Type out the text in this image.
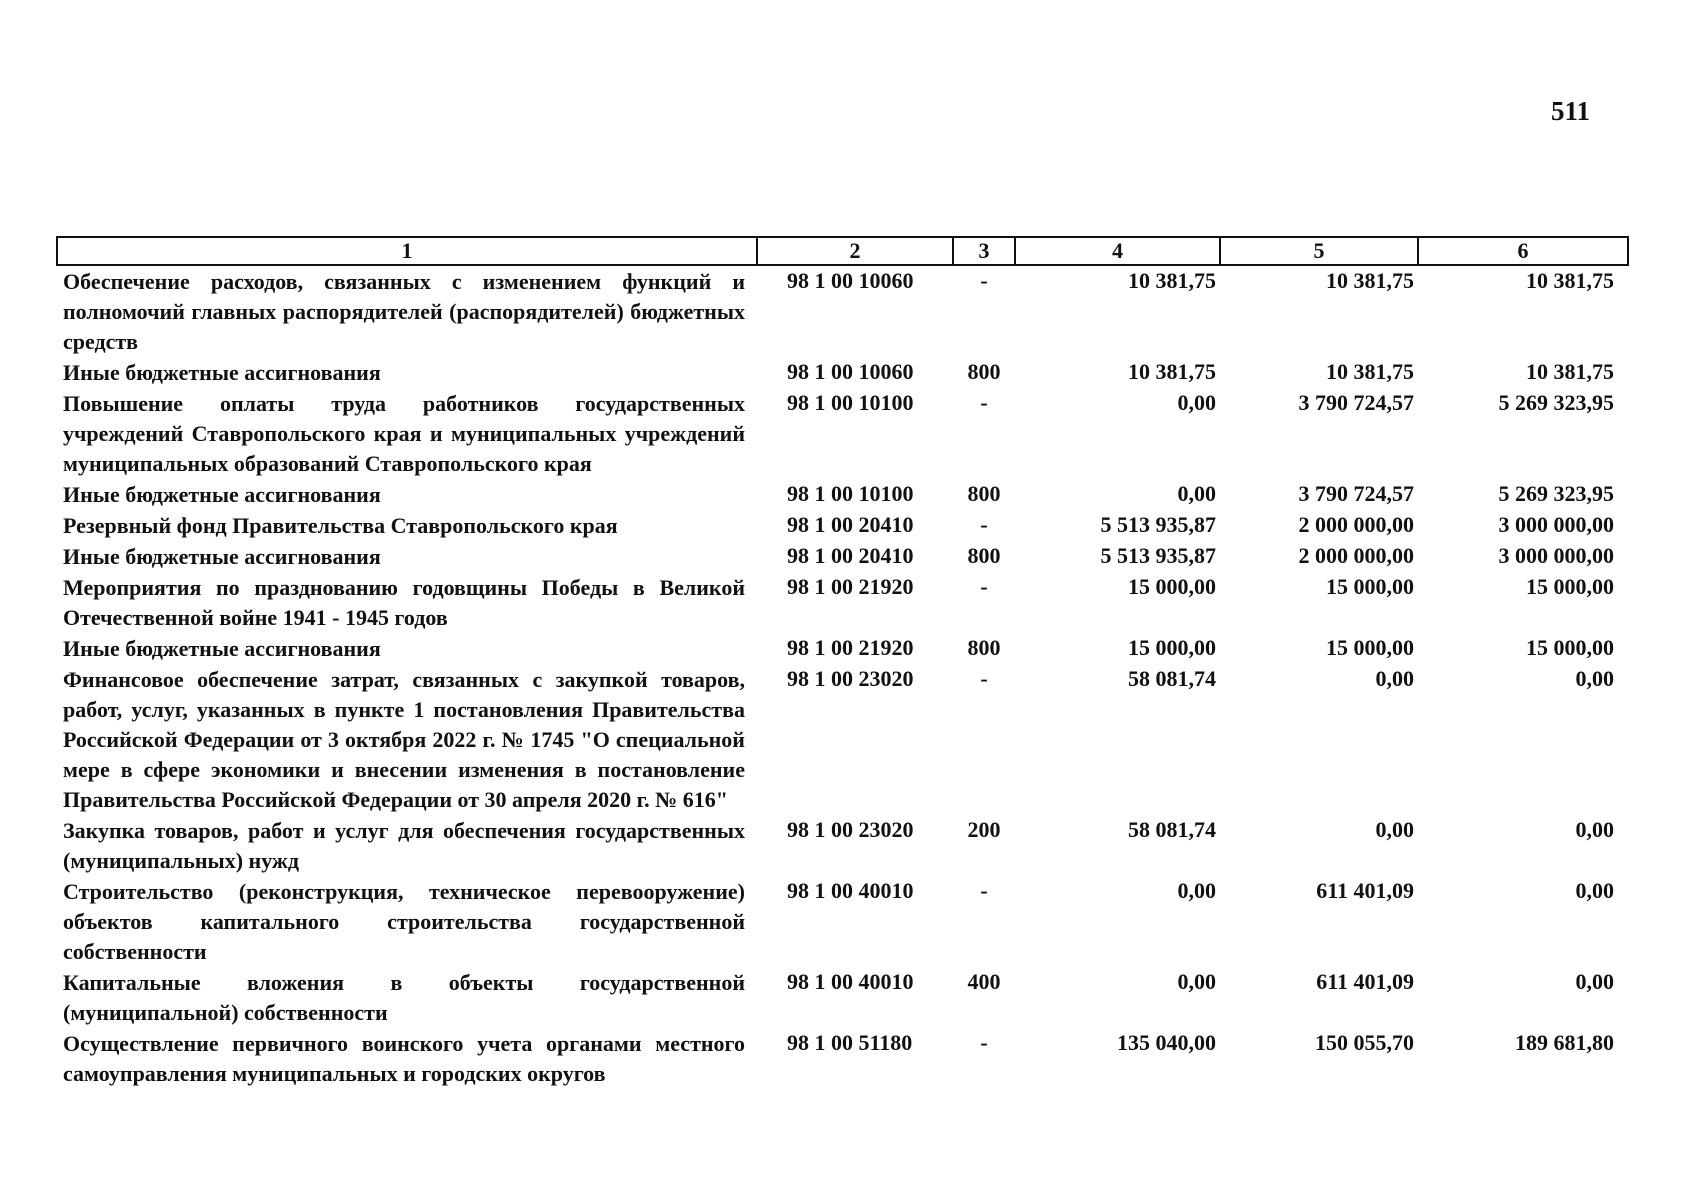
511
1	2	3	4	5	6
Обеспечение расходов, связанных с изменением функций и полномочий главных распорядителей (распорядителей) бюджетных средств	98 1 00 10060	-	10 381,75	10 381,75	10 381,75
Иные бюджетные ассигнования	98 1 00 10060	800	10 381,75	10 381,75	10 381,75
Повышение оплаты труда работников государственных учреждений Ставропольского края и муниципальных учреждений муниципальных образований Ставропольского края	98 1 00 10100	-	0,00	3 790 724,57	5 269 323,95
Иные бюджетные ассигнования	98 1 00 10100	800	0,00	3 790 724,57	5 269 323,95
Резервный фонд Правительства Ставропольского края	98 1 00 20410	-	5 513 935,87	2 000 000,00	3 000 000,00
Иные бюджетные ассигнования	98 1 00 20410	800	5 513 935,87	2 000 000,00	3 000 000,00
Мероприятия по празднованию годовщины Победы в Великой Отечественной войне 1941 - 1945 годов	98 1 00 21920	-	15 000,00	15 000,00	15 000,00
Иные бюджетные ассигнования	98 1 00 21920	800	15 000,00	15 000,00	15 000,00
Финансовое обеспечение затрат, связанных с закупкой товаров, работ, услуг, указанных в пункте 1 постановления Правительства Российской Федерации от 3 октября 2022 г. № 1745 "О специальной мере в сфере экономики и внесении изменения в постановление Правительства Российской Федерации от 30 апреля 2020 г. № 616"	98 1 00 23020	-	58 081,74	0,00	0,00
Закупка товаров, работ и услуг для обеспечения государственных (муниципальных) нужд	98 1 00 23020	200	58 081,74	0,00	0,00
Строительство (реконструкция, техническое перевооружение) объектов капитального строительства государственной собственности	98 1 00 40010	-	0,00	611 401,09	0,00
Капитальные вложения в объекты государственной (муниципальной) собственности	98 1 00 40010	400	0,00	611 401,09	0,00
Осуществление первичного воинского учета органами местного самоуправления муниципальных и городских округов	98 1 00 51180	-	135 040,00	150 055,70	189 681,80
